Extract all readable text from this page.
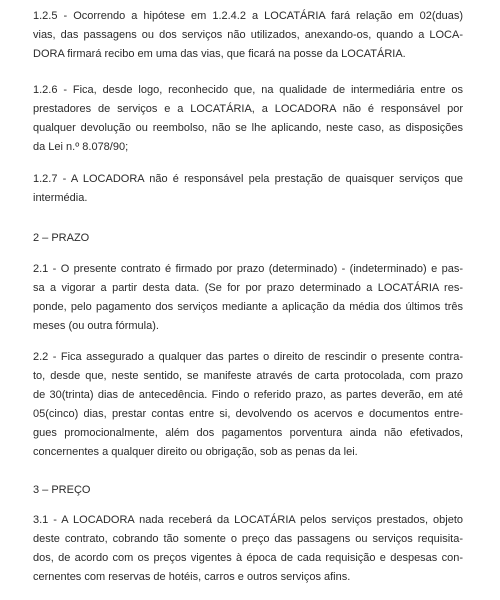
1.2.5 - Ocorrendo a hipótese em 1.2.4.2 a LOCATÁRIA fará relação em 02(duas)
vias, das passagens ou dos serviços não utilizados, anexando-os, quando a LOCA-
DORA firmará recibo em uma das vias, que ficará na posse da LOCATÁRIA.

1.2.6 - Fica, desde logo, reconhecido que, na qualidade de intermediária entre os
prestadores de serviços e a LOCATÁRIA, a LOCADORA não é responsável por
qualquer devolução ou reembolso, não se lhe aplicando, neste caso, as disposições
da Lei n.º 8.078/90;

1.2.7 - A LOCADORA não é responsável pela prestação de quaisquer serviços que
intermédia.

2 – PRAZO

2.1 - O presente contrato é firmado por prazo (determinado) - (indeterminado) e pas-
sa a vigorar a partir desta data. (Se for por prazo determinado a LOCATÁRIA res-
ponde, pelo pagamento dos serviços mediante a aplicação da média dos últimos três
meses (ou outra fórmula).

2.2 - Fica assegurado a qualquer das partes o direito de rescindir o presente contra-
to, desde que, neste sentido, se manifeste através de carta protocolada, com prazo
de 30(trinta) dias de antecedência. Findo o referido prazo, as partes deverão, em até
05(cinco) dias, prestar contas entre si, devolvendo os acervos e documentos entre-
gues promocionalmente, além dos pagamentos porventura ainda não efetivados,
concernentes a qualquer direito ou obrigação, sob as penas da lei.

3 – PREÇO

3.1 - A LOCADORA nada receberá da LOCATÁRIA pelos serviços prestados, objeto
deste contrato, cobrando tão somente o preço das passagens ou serviços requisita-
dos, de acordo com os preços vigentes à época de cada requisição e despesas con-
cernentes com reservas de hotéis, carros e outros serviços afins.
